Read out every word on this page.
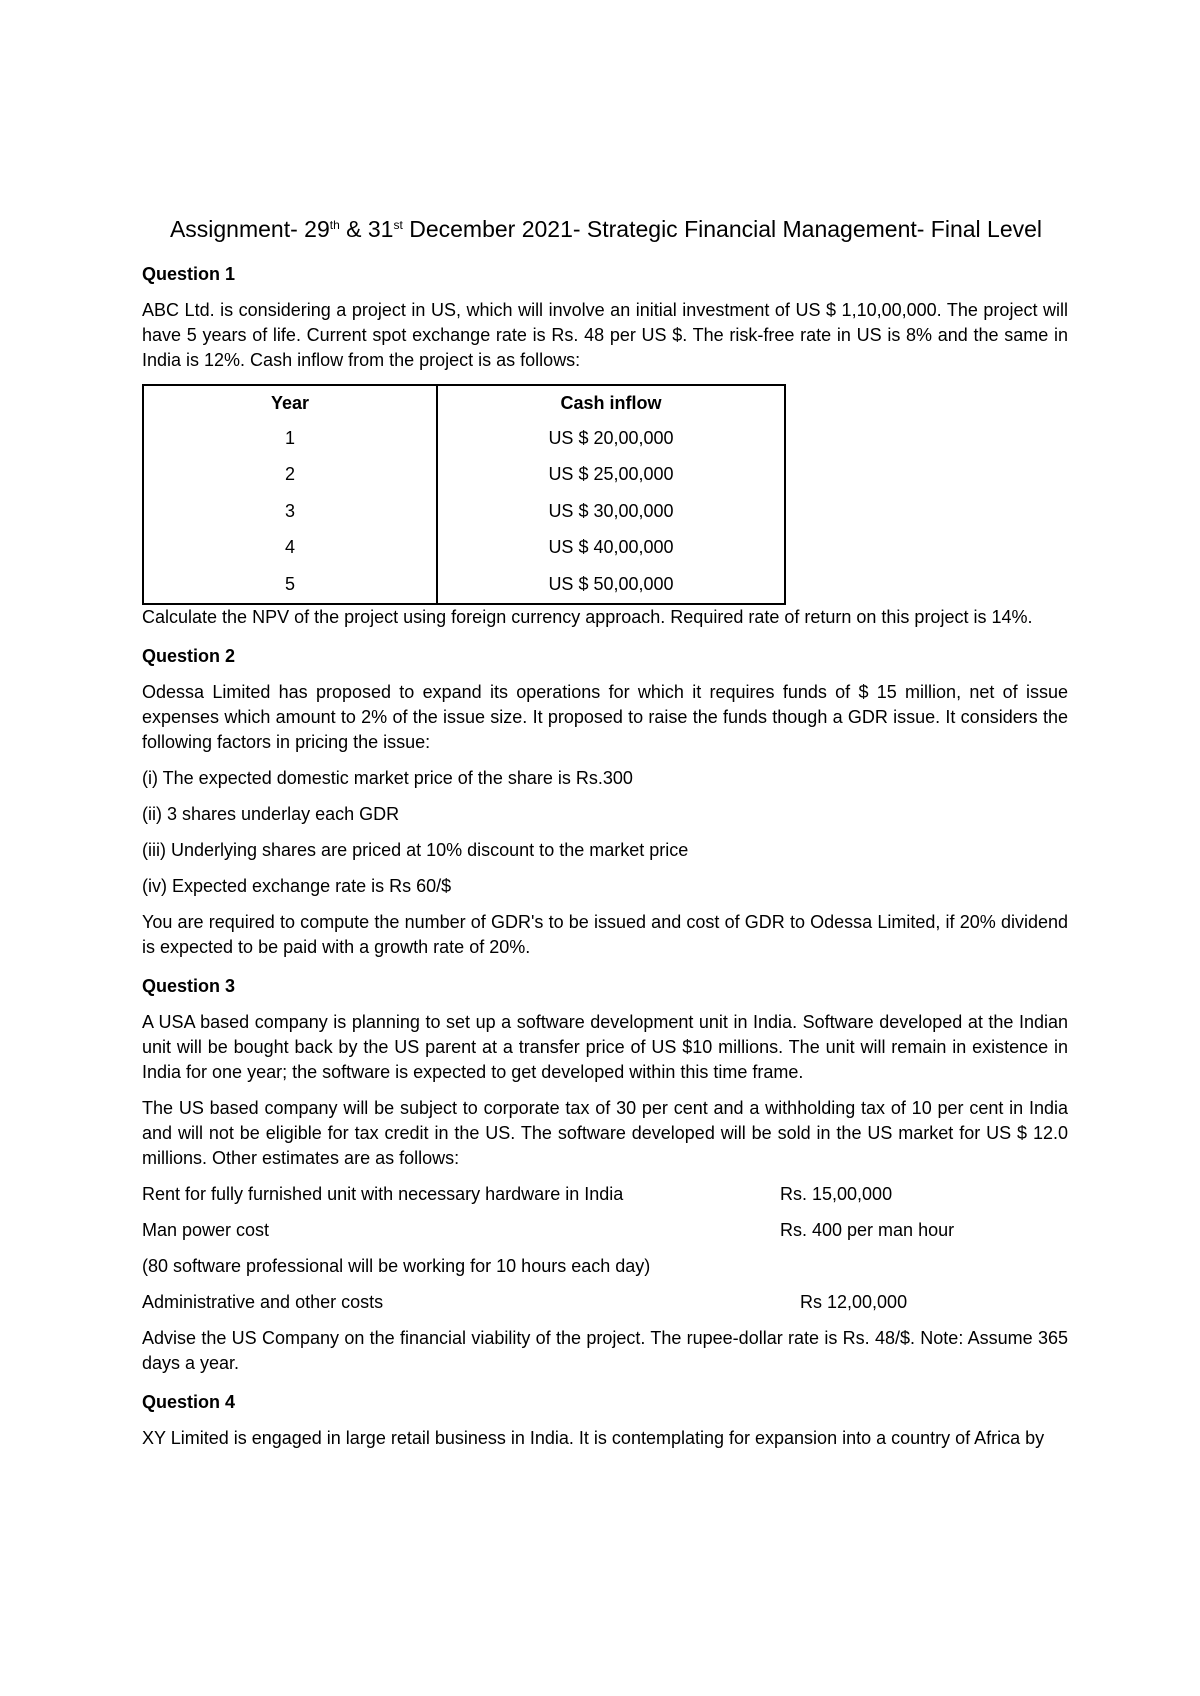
Assignment- 29th & 31st December 2021- Strategic Financial Management- Final Level
Question 1

ABC Ltd. is considering a project in US, which will involve an initial investment of US $ 1,10,00,000. The project will have 5 years of life. Current spot exchange rate is Rs. 48 per US $. The risk-free rate in US is 8% and the same in India is 12%. Cash inflow from the project is as follows:

Year	Cash inflow
1	US $ 20,00,000
2	US $ 25,00,000
3	US $ 30,00,000
4	US $ 40,00,000
5	US $ 50,00,000

Calculate the NPV of the project using foreign currency approach. Required rate of return on this project is 14%.

Question 2

Odessa Limited has proposed to expand its operations for which it requires funds of $ 15 million, net of issue expenses which amount to 2% of the issue size. It proposed to raise the funds though a GDR issue. It considers the following factors in pricing the issue:

(i) The expected domestic market price of the share is Rs.300
(ii) 3 shares underlay each GDR
(iii) Underlying shares are priced at 10% discount to the market price
(iv) Expected exchange rate is Rs 60/$

You are required to compute the number of GDR's to be issued and cost of GDR to Odessa Limited, if 20% dividend is expected to be paid with a growth rate of 20%.

Question 3

A USA based company is planning to set up a software development unit in India. Software developed at the Indian unit will be bought back by the US parent at a transfer price of US $10 millions. The unit will remain in existence in India for one year; the software is expected to get developed within this time frame.

The US based company will be subject to corporate tax of 30 per cent and a withholding tax of 10 per cent in India and will not be eligible for tax credit in the US. The software developed will be sold in the US market for US $ 12.0 millions. Other estimates are as follows:

Rent for fully furnished unit with necessary hardware in India	Rs. 15,00,000
Man power cost	Rs. 400 per man hour
(80 software professional will be working for 10 hours each day)
Administrative and other costs	Rs 12,00,000

Advise the US Company on the financial viability of the project. The rupee-dollar rate is Rs. 48/$. Note: Assume 365 days a year.

Question 4

XY Limited is engaged in large retail business in India. It is contemplating for expansion into a country of Africa by
